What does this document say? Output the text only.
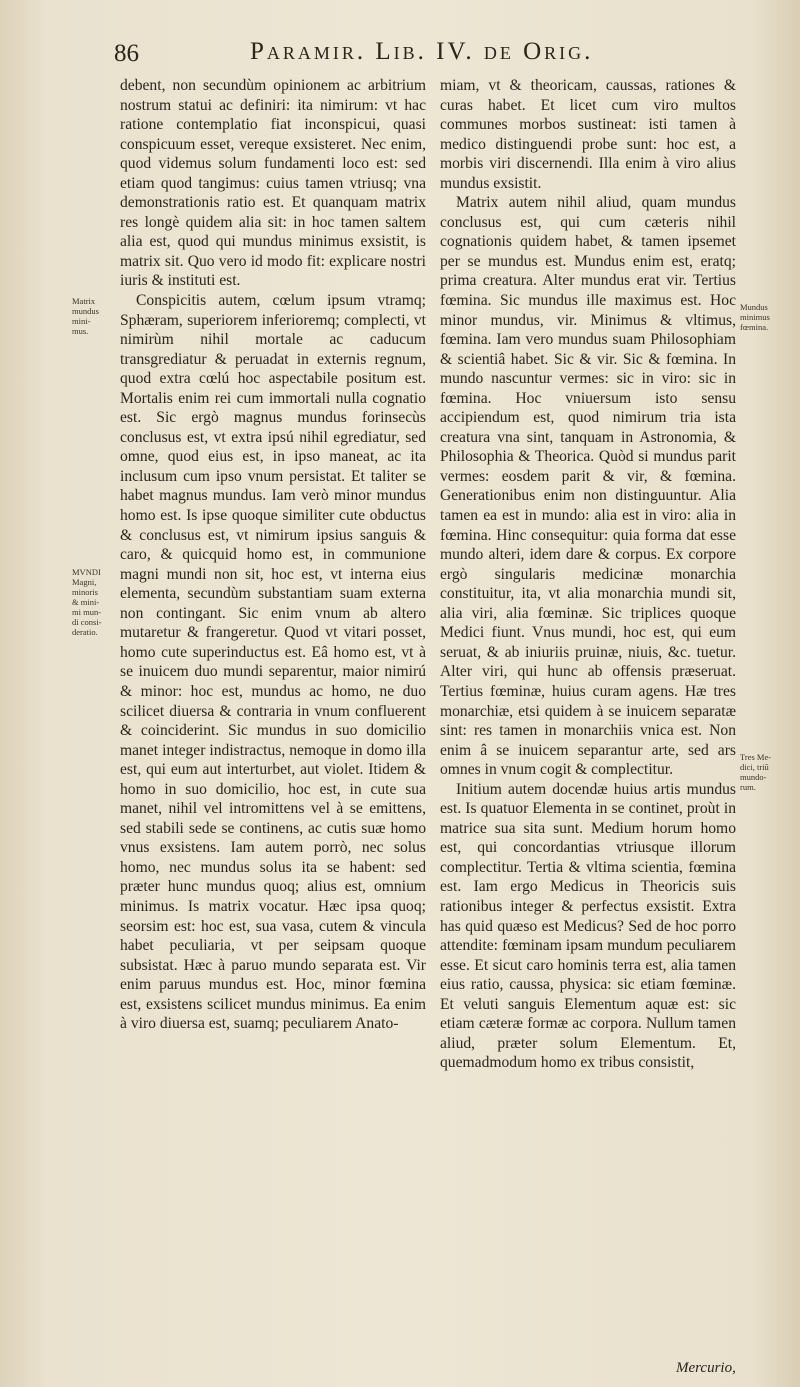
86	Paramir. Lib. IV. de Orig.

debent, non secundùm opinionem ac arbitrium nostrum statui ac definiri: ita nimirum: vt hac ratione contemplatio fiat inconspicui, quasi conspicuum esset, vereque exsisteret. Nec enim, quod videmus solum fundamenti loco est: sed etiam quod tangimus: cuius tamen vtriusq; vna demonstrationis ratio est. Et quanquam matrix res longè quidem alia sit: in hoc tamen saltem alia est, quod qui mundus minimus exsistit, is matrix sit. Quo vero id modo fit: explicare nostri iuris & instituti est.

Conspicitis autem, cœlum ipsum vtramq; Sphæram, superiorem inferioremq; complecti, vt nimirùm nihil mortale ac caducum transgrediatur & peruadat in externis regnum, quod extra cœlú hoc aspectabile positum est. Mortalis enim rei cum immortali nulla cognatio est. Sic ergò magnus mundus forinsecùs conclusus est, vt extra ipsú nihil egrediatur, sed omne, quod eius est, in ipso maneat, ac ita inclusum cum ipso vnum persistat. Et taliter se habet magnus mundus. Iam verò minor mundus homo est. Is ipse quoque similiter cute obductus & conclusus est, vt nimirum ipsius sanguis & caro, & quicquid homo est, in communione magni mundi non sit, hoc est, vt interna eius elementa, secundùm substantiam suam externa non contingant. Sic enim vnum ab altero mutaretur & frangeretur. Quod vt vitari posset, homo cute superinductus est. Eâ homo est, vt à se inuicem duo mundi separentur, maior nimirú & minor: hoc est, mundus ac homo, ne duo scilicet diuersa & contraria in vnum confluerent & coinciderint. Sic mundus in suo domicilio manet integer indistractus, nemoque in domo illa est, qui eum aut interturbet, aut violet. Itidem & homo in suo domicilio, hoc est, in cute sua manet, nihil vel intromittens vel à se emittens, sed stabili sede se continens, ac cutis suæ homo vnus exsistens. Iam autem porrò, nec solus homo, nec mundus solus ita se habent: sed præter hunc mundus quoq; alius est, omnium minimus. Is matrix vocatur. Hæc ipsa quoq; seorsim est: hoc est, sua vasa, cutem & vincula habet peculiaria, vt per seipsam quoque subsistat. Hæc à paruo mundo separata est. Vir enim paruus mundus est. Hoc, minor fœmina est, exsistens scilicet mundus minimus. Ea enim à viro diuersa est, suamq; peculiarem Anato-

miam, vt & theoricam, caussas, rationes & curas habet. Et licet cum viro multos communes morbos sustineat: isti tamen à medico distinguendi probe sunt: hoc est, a morbis viri discernendi. Illa enim à viro alius mundus exsistit.

Matrix autem nihil aliud, quam mundus conclusus est, qui cum cæteris nihil cognationis quidem habet, & tamen ipsemet per se mundus est. Mundus enim est, eratq; prima creatura. Alter mundus erat vir. Tertius fœmina. Sic mundus ille maximus est. Hoc minor mundus, vir. Minimus & vltimus, fœmina. Iam vero mundus suam Philosophiam & scientiâ habet. Sic & vir. Sic & fœmina. In mundo nascuntur vermes: sic in viro: sic in fœmina. Hoc vniuersum isto sensu accipiendum est, quod nimirum tria ista creatura vna sint, tanquam in Astronomia, & Philosophia & Theorica. Quòd si mundus parit vermes: eosdem parit & vir, & fœmina. Generationibus enim non distinguuntur. Alia tamen ea est in mundo: alia est in viro: alia in fœmina. Hinc consequitur: quia forma dat esse mundo alteri, idem dare & corpus. Ex corpore ergò singularis medicinæ monarchia constituitur, ita, vt alia monarchia mundi sit, alia viri, alia fœminæ. Sic triplices quoque Medici fiunt. Vnus mundi, hoc est, qui eum seruat, & ab iniuriis pruinæ, niuis, &c. tuetur. Alter viri, qui hunc ab offensis præseruat. Tertius fœminæ, huius curam agens. Hæ tres monarchiæ, etsi quidem à se inuicem separatæ sint: res tamen in monarchiis vnica est. Non enim â se inuicem separantur arte, sed ars omnes in vnum cogit & complectitur.

Initium autem docendæ huius artis mundus est. Is quatuor Elementa in se continet, proùt in matrice sua sita sunt. Medium horum homo est, qui concordantias vtriusque illorum complectitur. Tertia & vltima scientia, fœmina est. Iam ergo Medicus in Theoricis suis rationibus integer & perfectus exsistit. Extra has quid quæso est Medicus? Sed de hoc porro attendite: fœminam ipsam mundum peculiarem esse. Et sicut caro hominis terra est, alia tamen eius ratio, caussa, physica: sic etiam fœminæ. Et veluti sanguis Elementum aquæ est: sic etiam cæteræ formæ ac corpora. Nullum tamen aliud, præter solum Elementum. Et, quemadmodum homo ex tribus consistit,

Matrix
mundus
mini-
mus.
MVNDI
Magni,
minoris
& mini-
mi mun-
di consi-
deratio.
Mundus
minimus
fœmina.
Tres Me-
dici, triū
mundo-
rum.
Mercurio,
